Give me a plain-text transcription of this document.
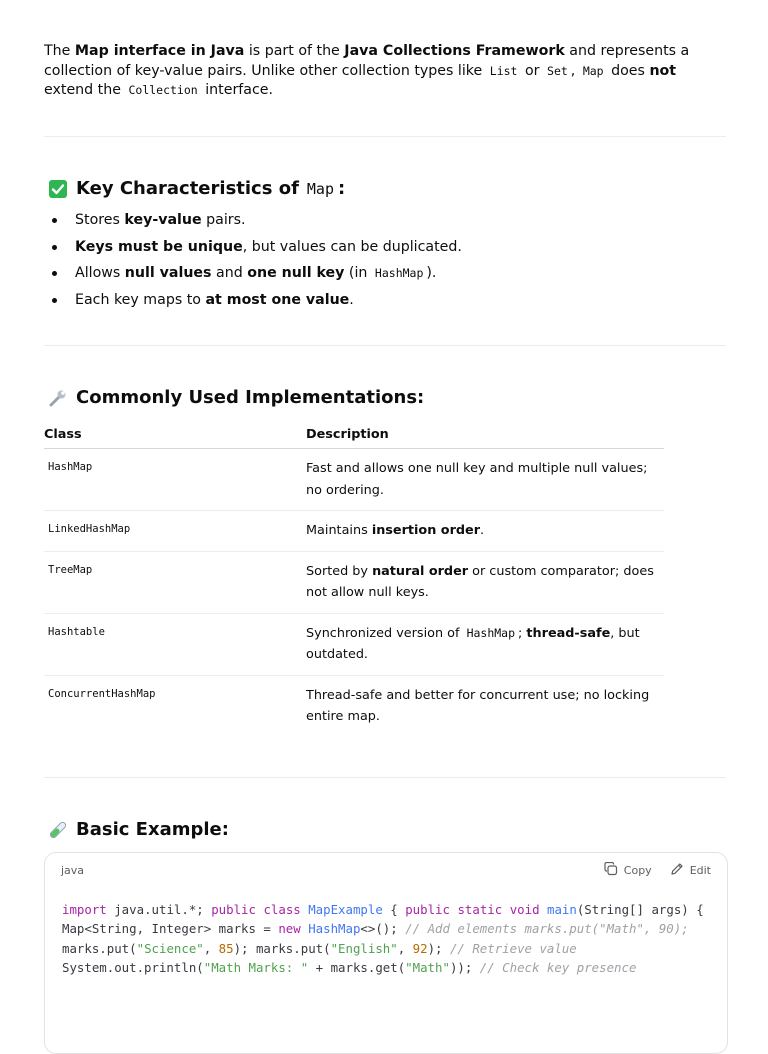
The Map interface in Java is part of the Java Collections Framework and represents a collection of key-value pairs. Unlike other collection types like List or Set , Map does not extend the Collection interface.

Key Characteristics of Map :
Stores key-value pairs.
Keys must be unique, but values can be duplicated.
Allows null values and one null key (in HashMap ).
Each key maps to at most one value.
Commonly Used Implementations:
Class	Description
HashMap	Fast and allows one null key and multiple null values; no ordering.
LinkedHashMap	Maintains insertion order.
TreeMap	Sorted by natural order or custom comparator; does not allow null keys.
Hashtable	Synchronized version of HashMap ; thread-safe, but outdated.
ConcurrentHashMap	Thread-safe and better for concurrent use; no locking entire map.
Basic Example:
java	Copy	Edit
import java.util.*; public class MapExample { public static void main(String[] args) {
Map<String, Integer> marks = new HashMap<>(); // Add elements marks.put("Math", 90);
marks.put("Science", 85); marks.put("English", 92); // Retrieve value
System.out.println("Math Marks: " + marks.get("Math")); // Check key presence
